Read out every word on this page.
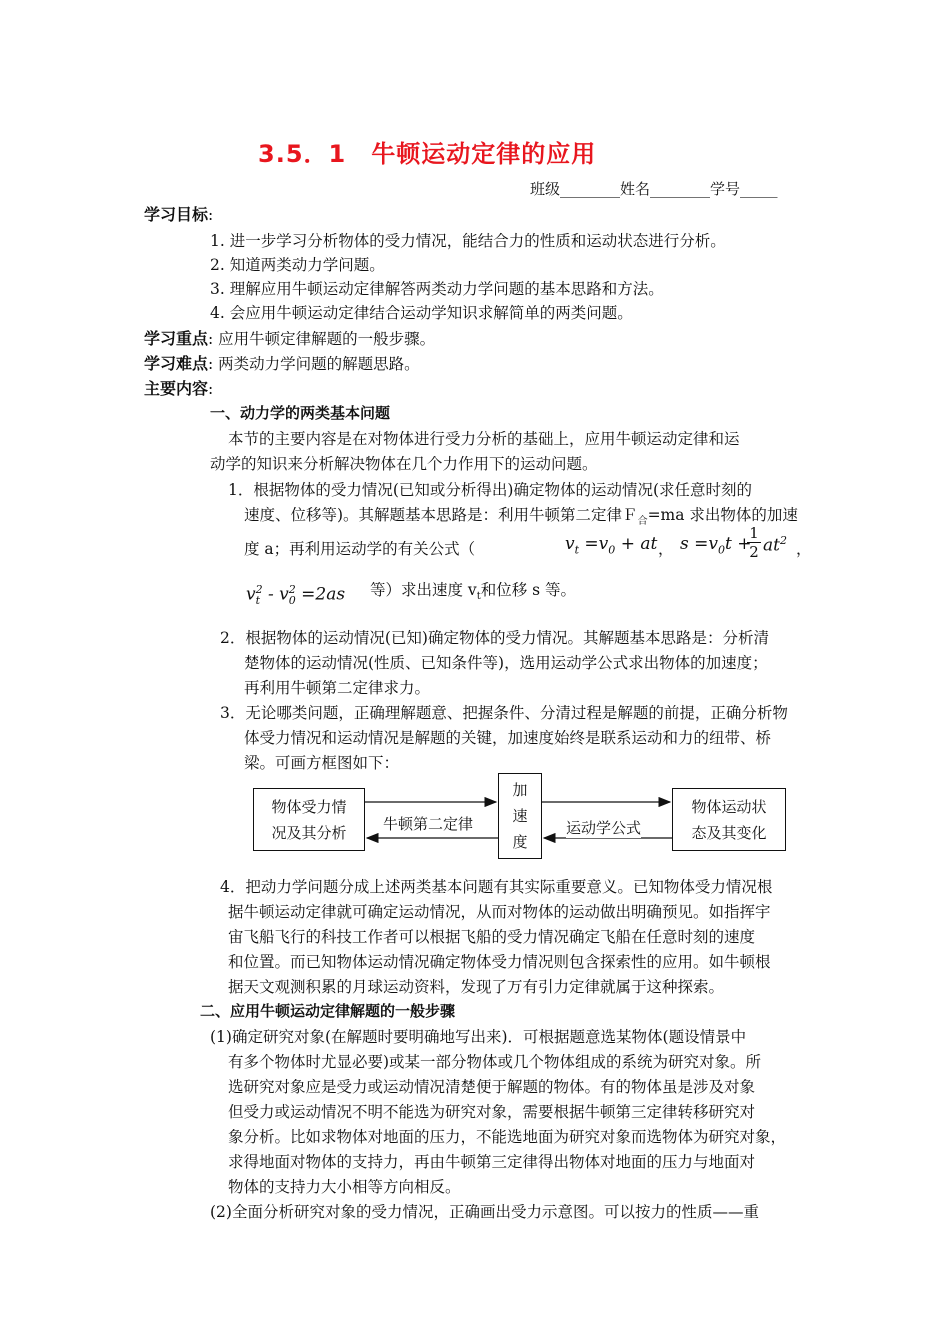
3.5．1　牛顿运动定律的应用
班级________姓名________学号_____
学习目标:
1. 进一步学习分析物体的受力情况，能结合力的性质和运动状态进行分析。
2. 知道两类动力学问题。
3. 理解应用牛顿运动定律解答两类动力学问题的基本思路和方法。
4. 会应用牛顿运动定律结合运动学知识求解简单的两类问题。
学习重点: 应用牛顿定律解题的一般步骤。
学习难点: 两类动力学问题的解题思路。
主要内容:
一、动力学的两类基本问题
本节的主要内容是在对物体进行受力分析的基础上，应用牛顿运动定律和运
动学的知识来分析解决物体在几个力作用下的运动问题。
1．根据物体的受力情况(已知或分析得出)确定物体的运动情况(求任意时刻的
速度、位移等)。其解题基本思路是：利用牛顿第二定律Ｆ$_合$=ma 求出物体的加速
度 a；再利用运动学的有关公式（	$v_t =v_0$ + at ， $s =v_0t$ +
$\frac{1}{2} at^2$ ，
v 2
t - v 2
0 =2as 等）求出速度 $v_t$和位移 s 等。
2．根据物体的运动情况(已知)确定物体的受力情况。其解题基本思路是：分析清
楚物体的运动情况(性质、已知条件等)，选用运动学公式求出物体的加速度；
再利用牛顿第二定律求力。
3．无论哪类问题，正确理解题意、把握条件、分清过程是解题的前提，正确分析物
体受力情况和运动情况是解题的关键，加速度始终是联系运动和力的纽带、桥
梁。可画方框图如下：
物体受力情
况及其分析
加
速
度
物体运动状
态及其变化
牛顿第二定律	运动学公式
4．把动力学问题分成上述两类基本问题有其实际重要意义。已知物体受力情况根
据牛顿运动定律就可确定运动情况，从而对物体的运动做出明确预见。如指挥宇
宙飞船飞行的科技工作者可以根据飞船的受力情况确定飞船在任意时刻的速度
和位置。而已知物体运动情况确定物体受力情况则包含探索性的应用。如牛顿根
据天文观测积累的月球运动资料，发现了万有引力定律就属于这种探索。
二、应用牛顿运动定律解题的一般步骤
(1)确定研究对象(在解题时要明确地写出来)．可根据题意选某物体(题设情景中
有多个物体时尤显必要)或某一部分物体或几个物体组成的系统为研究对象。所
选研究对象应是受力或运动情况清楚便于解题的物体。有的物体虽是涉及对象
但受力或运动情况不明不能选为研究对象，需要根据牛顿第三定律转移研究对
象分析。比如求物体对地面的压力，不能选地面为研究对象而选物体为研究对象，
求得地面对物体的支持力，再由牛顿第三定律得出物体对地面的压力与地面对
物体的支持力大小相等方向相反。
(2)全面分析研究对象的受力情况，正确画出受力示意图。可以按力的性质——重
